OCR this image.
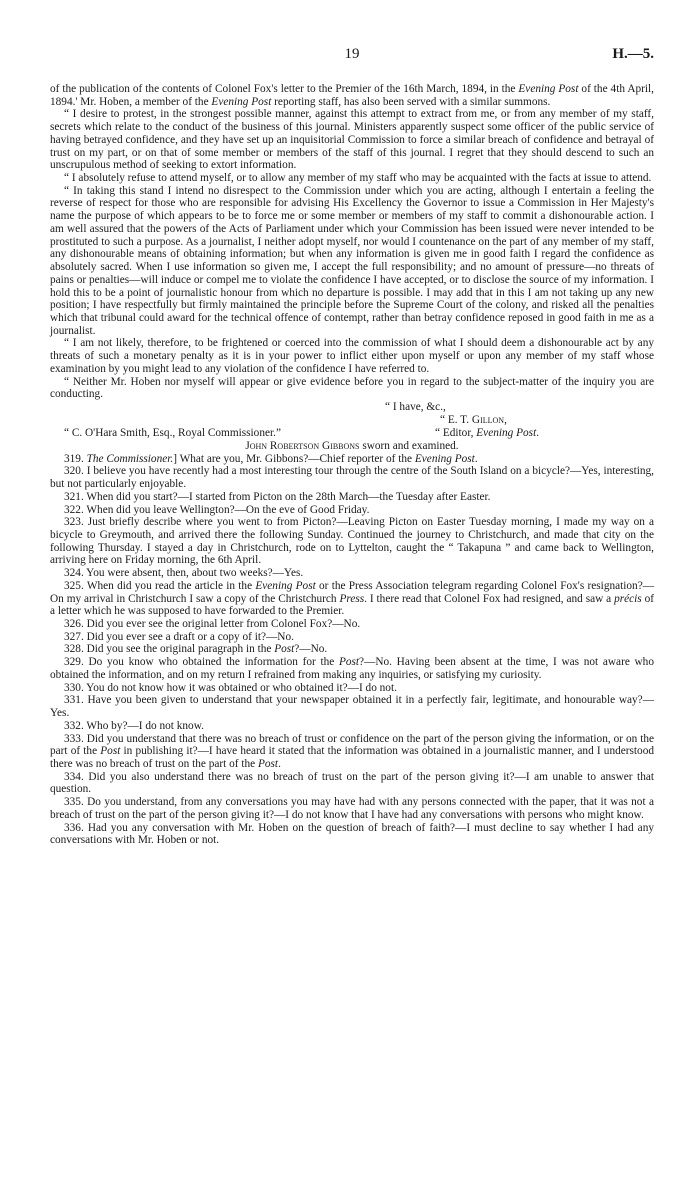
19	H.—5.

of the publication of the contents of Colonel Fox's letter to the Premier of the 16th March, 1894, in the Evening Post of the 4th April, 1894.' Mr. Hoben, a member of the Evening Post reporting staff, has also been served with a similar summons.

“ I desire to protest, in the strongest possible manner, against this attempt to extract from me, or from any member of my staff, secrets which relate to the conduct of the business of this journal. Ministers apparently suspect some officer of the public service of having betrayed confidence, and they have set up an inquisitorial Commission to force a similar breach of confidence and betrayal of trust on my part, or on that of some member or members of the staff of this journal. I regret that they should descend to such an unscrupulous method of seeking to extort information.

“ I absolutely refuse to attend myself, or to allow any member of my staff who may be acquainted with the facts at issue to attend.

“ In taking this stand I intend no disrespect to the Commission under which you are acting, although I entertain a feeling the reverse of respect for those who are responsible for advising His Excellency the Governor to issue a Commission in Her Majesty's name the purpose of which appears to be to force me or some member or members of my staff to commit a dishonourable action. I am well assured that the powers of the Acts of Parliament under which your Commission has been issued were never intended to be prostituted to such a purpose. As a journalist, I neither adopt myself, nor would I countenance on the part of any member of my staff, any dishonourable means of obtaining information; but when any information is given me in good faith I regard the confidence as absolutely sacred. When I use information so given me, I accept the full responsibility; and no amount of pressure—no threats of pains or penalties—will induce or compel me to violate the confidence I have accepted, or to disclose the source of my information. I hold this to be a point of journalistic honour from which no departure is possible. I may add that in this I am not taking up any new position; I have respectfully but firmly maintained the principle before the Supreme Court of the colony, and risked all the penalties which that tribunal could award for the technical offence of contempt, rather than betray confidence reposed in good faith in me as a journalist.

“ I am not likely, therefore, to be frightened or coerced into the commission of what I should deem a dishonourable act by any threats of such a monetary penalty as it is in your power to inflict either upon myself or upon any member of my staff whose examination by you might lead to any violation of the confidence I have referred to.

“ Neither Mr. Hoben nor myself will appear or give evidence before you in regard to the subject-matter of the inquiry you are conducting.

“ I have, &c.,
“ E. T. Gillon,
“ C. O'Hara Smith, Esq., Royal Commissioner.”	“ Editor, Evening Post.

John Robertson Gibbons sworn and examined.

319. The Commissioner.] What are you, Mr. Gibbons?—Chief reporter of the Evening Post.

320. I believe you have recently had a most interesting tour through the centre of the South Island on a bicycle?—Yes, interesting, but not particularly enjoyable.

321. When did you start?—I started from Picton on the 28th March—the Tuesday after Easter.

322. When did you leave Wellington?—On the eve of Good Friday.

323. Just briefly describe where you went to from Picton?—Leaving Picton on Easter Tuesday morning, I made my way on a bicycle to Greymouth, and arrived there the following Sunday. Continued the journey to Christchurch, and made that city on the following Thursday. I stayed a day in Christchurch, rode on to Lyttelton, caught the “ Takapuna ” and came back to Wellington, arriving here on Friday morning, the 6th April.

324. You were absent, then, about two weeks?—Yes.

325. When did you read the article in the Evening Post or the Press Association telegram regarding Colonel Fox's resignation?—On my arrival in Christchurch I saw a copy of the Christchurch Press. I there read that Colonel Fox had resigned, and saw a précis of a letter which he was supposed to have forwarded to the Premier.

326. Did you ever see the original letter from Colonel Fox?—No.

327. Did you ever see a draft or a copy of it?—No.

328. Did you see the original paragraph in the Post?—No.

329. Do you know who obtained the information for the Post?—No. Having been absent at the time, I was not aware who obtained the information, and on my return I refrained from making any inquiries, or satisfying my curiosity.

330. You do not know how it was obtained or who obtained it?—I do not.

331. Have you been given to understand that your newspaper obtained it in a perfectly fair, legitimate, and honourable way?—Yes.

332. Who by?—I do not know.

333. Did you understand that there was no breach of trust or confidence on the part of the person giving the information, or on the part of the Post in publishing it?—I have heard it stated that the information was obtained in a journalistic manner, and I understood there was no breach of trust on the part of the Post.

334. Did you also understand there was no breach of trust on the part of the person giving it?—I am unable to answer that question.

335. Do you understand, from any conversations you may have had with any persons connected with the paper, that it was not a breach of trust on the part of the person giving it?—I do not know that I have had any conversations with persons who might know.

336. Had you any conversation with Mr. Hoben on the question of breach of faith?—I must decline to say whether I had any conversations with Mr. Hoben or not.
